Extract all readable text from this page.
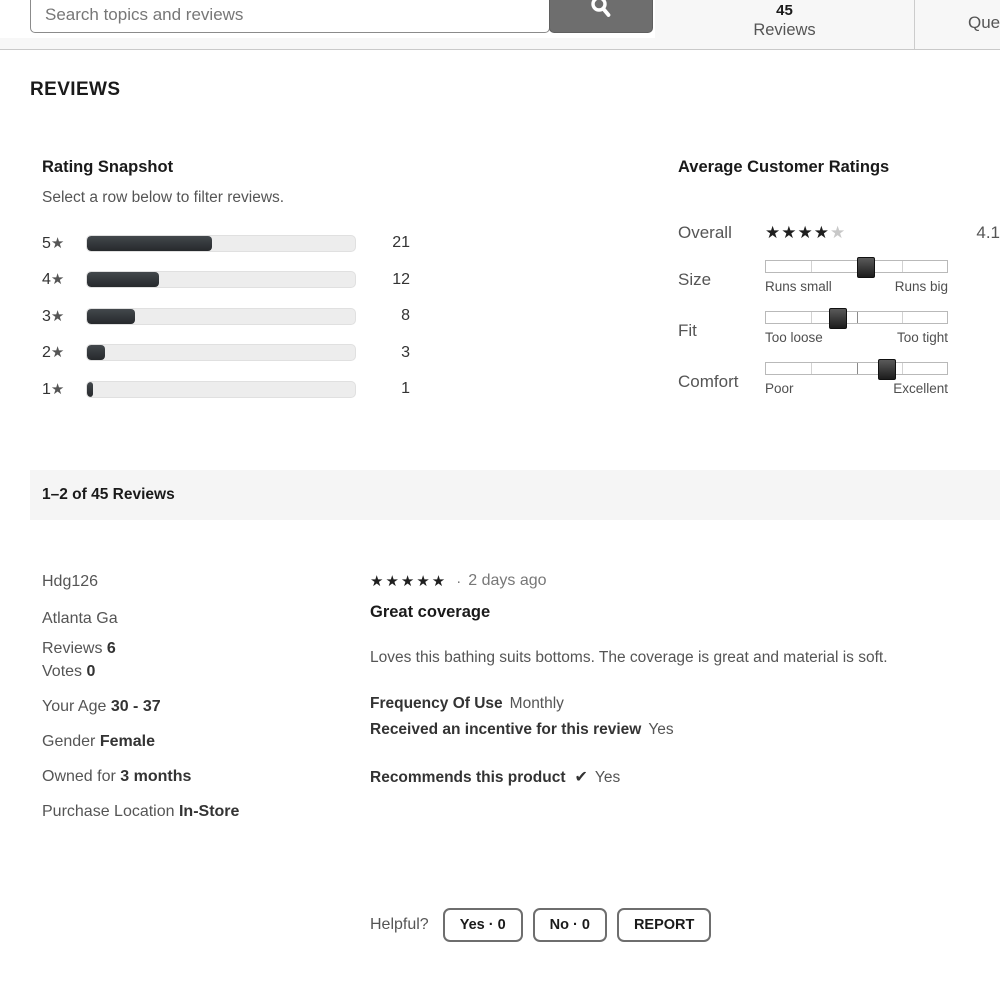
Search topics and reviews
45
Reviews	Que
REVIEWS
Rating Snapshot

Select a row below to filter reviews.

5★	21
4★	12
3★	8
2★	3
1★	1
Average Customer Ratings
Overall	★★★★ ★	4.1
Size	Runs small	Runs big
Fit	Too loose	Too tight
Comfort	Poor	Excellent
1–2 of 45 Reviews
Hdg126
Atlanta Ga
Reviews 6
Votes 0
Your Age 30 - 37
Gender Female
Owned for 3 months
Purchase Location In-Store
★★★★★ · 2 days ago
Great coverage
Loves this bathing suits bottoms. The coverage is great and material is soft.
Frequency Of Use Monthly
Received an incentive for this review Yes
Recommends this product ✔ Yes
Helpful?	Yes · 0	No · 0	REPORT
